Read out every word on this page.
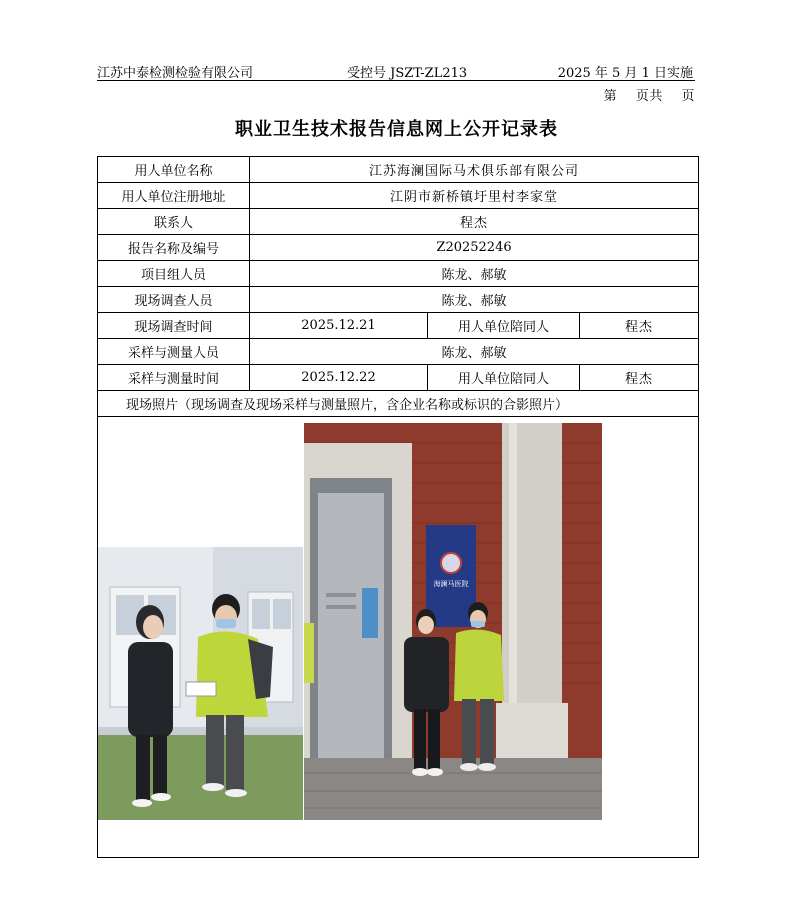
江苏中泰检测检验有限公司	受控号 JSZT-ZL213	2025 年 5 月 1 日实施
第 页共 页
职业卫生技术报告信息网上公开记录表
用人单位名称	江苏海澜国际马术俱乐部有限公司		
用人单位注册地址	江阴市新桥镇圩里村李家堂		
联系人	程杰		
报告名称及编号	Z20252246		
项目组人员	陈龙、郝敏		
现场调查人员	陈龙、郝敏		
现场调查时间	2025.12.21	用人单位陪同人	程杰
采样与测量人员	陈龙、郝敏		
采样与测量时间	2025.12.22	用人单位陪同人	程杰
现场照片（现场调查及现场采样与测量照片，含企业名称或标识的合影照片）			

海澜马医院			
